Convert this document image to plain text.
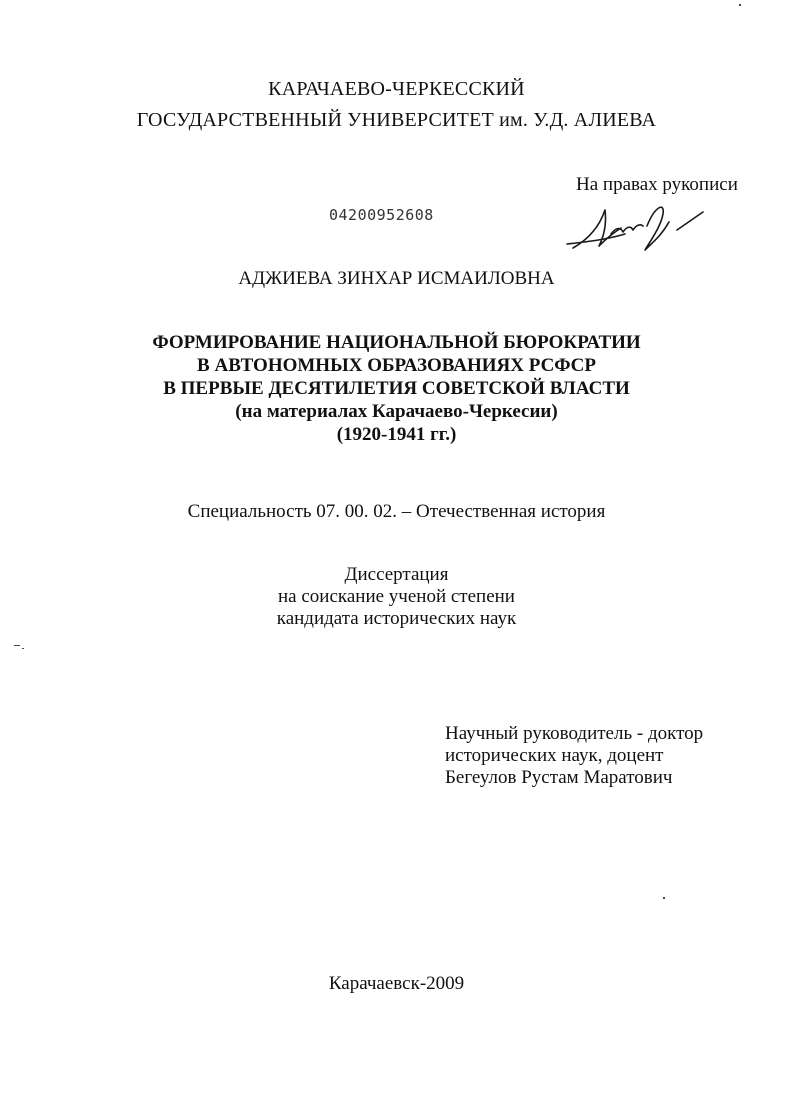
КАРАЧАЕВО-ЧЕРКЕССКИЙ
ГОСУДАРСТВЕННЫЙ УНИВЕРСИТЕТ им. У.Д. АЛИЕВА
На правах рукописи
04200952608
АДЖИЕВА ЗИНХАР ИСМАИЛОВНА
ФОРМИРОВАНИЕ НАЦИОНАЛЬНОЙ БЮРОКРАТИИ
В АВТОНОМНЫХ ОБРАЗОВАНИЯХ РСФСР
В ПЕРВЫЕ ДЕСЯТИЛЕТИЯ СОВЕТСКОЙ ВЛАСТИ
(на материалах Карачаево-Черкесии)
(1920-1941 гг.)
Специальность 07. 00. 02. – Отечественная история
Диссертация
на соискание ученой степени
кандидата исторических наук
Научный руководитель - доктор
исторических наук, доцент
Бегеулов Рустам Маратович
Карачаевск-2009
